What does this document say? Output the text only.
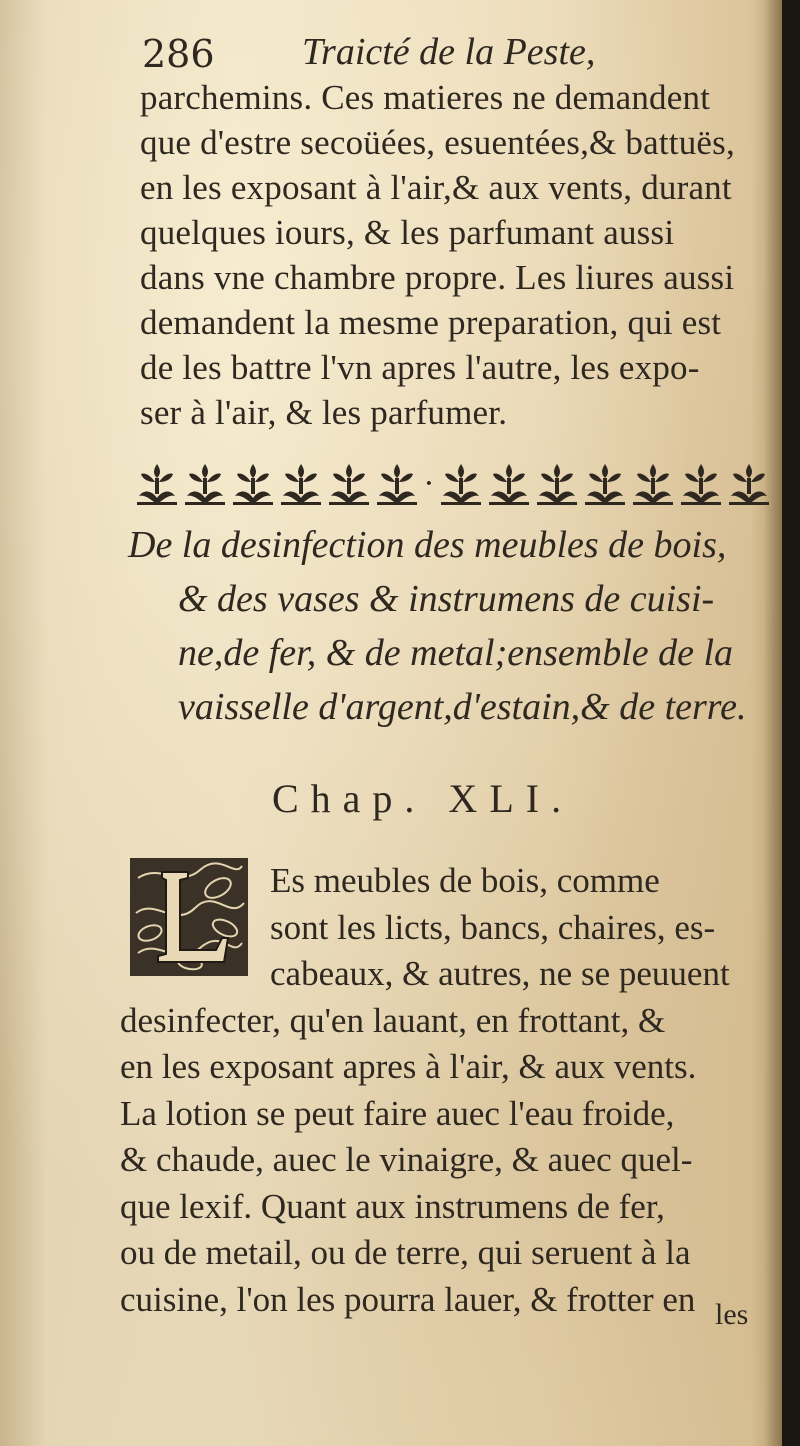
286 Traicté de la Peste,
parchemins. Ces matieres ne demandent
que d'estre secoüées, esuentées,& battuës,
en les exposant à l'air,& aux vents, durant
quelques iours, & les parfumant aussi
dans vne chambre propre. Les liures aussi
demandent la mesme preparation, qui est
de les battre l'vn apres l'autre, les expo-
ser à l'air, & les parfumer.
·
De la desinfection des meubles de bois,
& des vases & instrumens de cuisi-
ne,de fer, & de metal;ensemble de la
vaisselle d'argent,d'estain,& de terre.
Chap. XLI.
Es meubles de bois, comme
sont les licts, bancs, chaires, es-
cabeaux, & autres, ne se peuuent
desinfecter, qu'en lauant, en frottant, &
en les exposant apres à l'air, & aux vents.
La lotion se peut faire auec l'eau froide,
& chaude, auec le vinaigre, & auec quel-
que lexif. Quant aux instrumens de fer,
ou de metail, ou de terre, qui seruent à la
cuisine, l'on les pourra lauer, & frotter en les
